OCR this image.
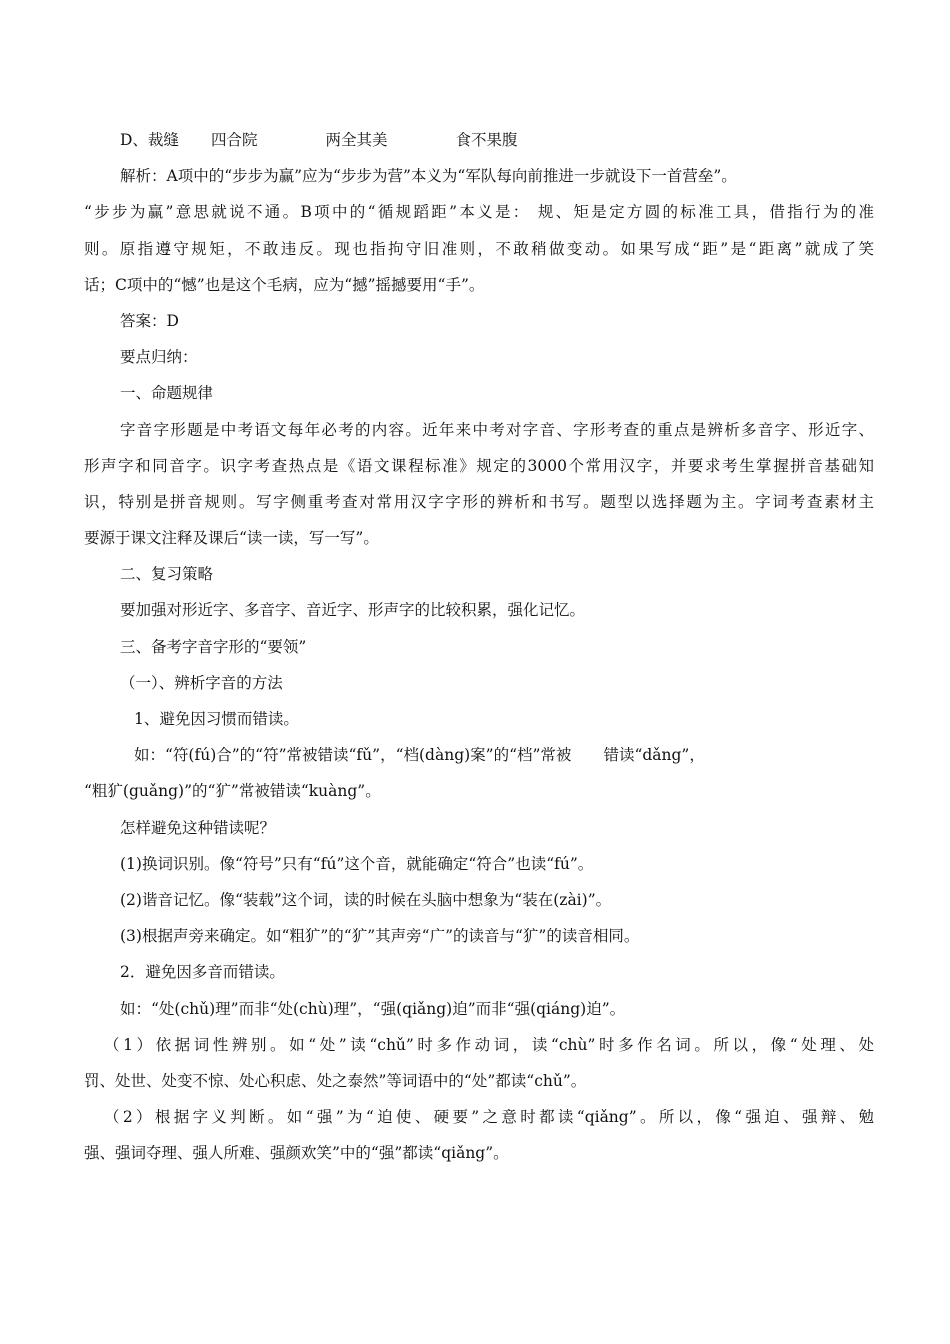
D、裁缝 四合院	两全其美	食不果腹
解析：A项中的“步步为赢”应为“步步为营”本义为“军队每向前推进一步就设下一首营垒”。
“步步为赢”意思就说不通。B项中的“循规蹈距”本义是： 规、矩是定方圆的标准工具，借指行为的准
则。原指遵守规矩，不敢违反。现也指拘守旧准则，不敢稍做变动。如果写成“距”是“距离”就成了笑
话；C项中的“憾”也是这个毛病，应为“撼”摇撼要用“手”。
答案：D
要点归纳：
一、命题规律
字音字形题是中考语文每年必考的内容。近年来中考对字音、字形考查的重点是辨析多音字、形近字、
形声字和同音字。识字考查热点是《语文课程标准》规定的3000个常用汉字，并要求考生掌握拼音基础知
识，特别是拼音规则。写字侧重考查对常用汉字字形的辨析和书写。题型以选择题为主。字词考查素材主
要源于课文注释及课后“读一读，写一写”。
二、复习策略
要加强对形近字、多音字、音近字、形声字的比较积累，强化记忆。
三、备考字音字形的“要领”
（一）、辨析字音的方法
1、避免因习惯而错读。
如：“符(fú)合”的“符”常被错读“fǔ”，“档(dàng)案”的“档”常被 错读“dǎng”，
“粗犷(guǎng)”的“犷”常被错读“kuàng”。
怎样避免这种错读呢？
(1)换词识别。像“符号”只有“fú”这个音，就能确定“符合”也读“fú”。
(2)谐音记忆。像“装载”这个词，读的时候在头脑中想象为“装在(zài)”。
(3)根据声旁来确定。如“粗犷”的“犷”其声旁“广”的读音与“犷”的读音相同。
2．避免因多音而错读。
如：“处(chǔ)理”而非“处(chù)理”，“强(qiǎng)迫”而非“强(qiáng)迫”。
（1）依据词性辨别。如“处”读“chǔ”时多作动词，读“chù”时多作名词。所以，像“处理、处
罚、处世、处变不惊、处心积虑、处之泰然”等词语中的“处”都读“chǔ”。
（2）根据字义判断。如“强”为“迫使、硬要”之意时都读“qiǎng”。所以，像“强迫、强辩、勉
强、强词夺理、强人所难、强颜欢笑”中的“强”都读“qiǎng”。
